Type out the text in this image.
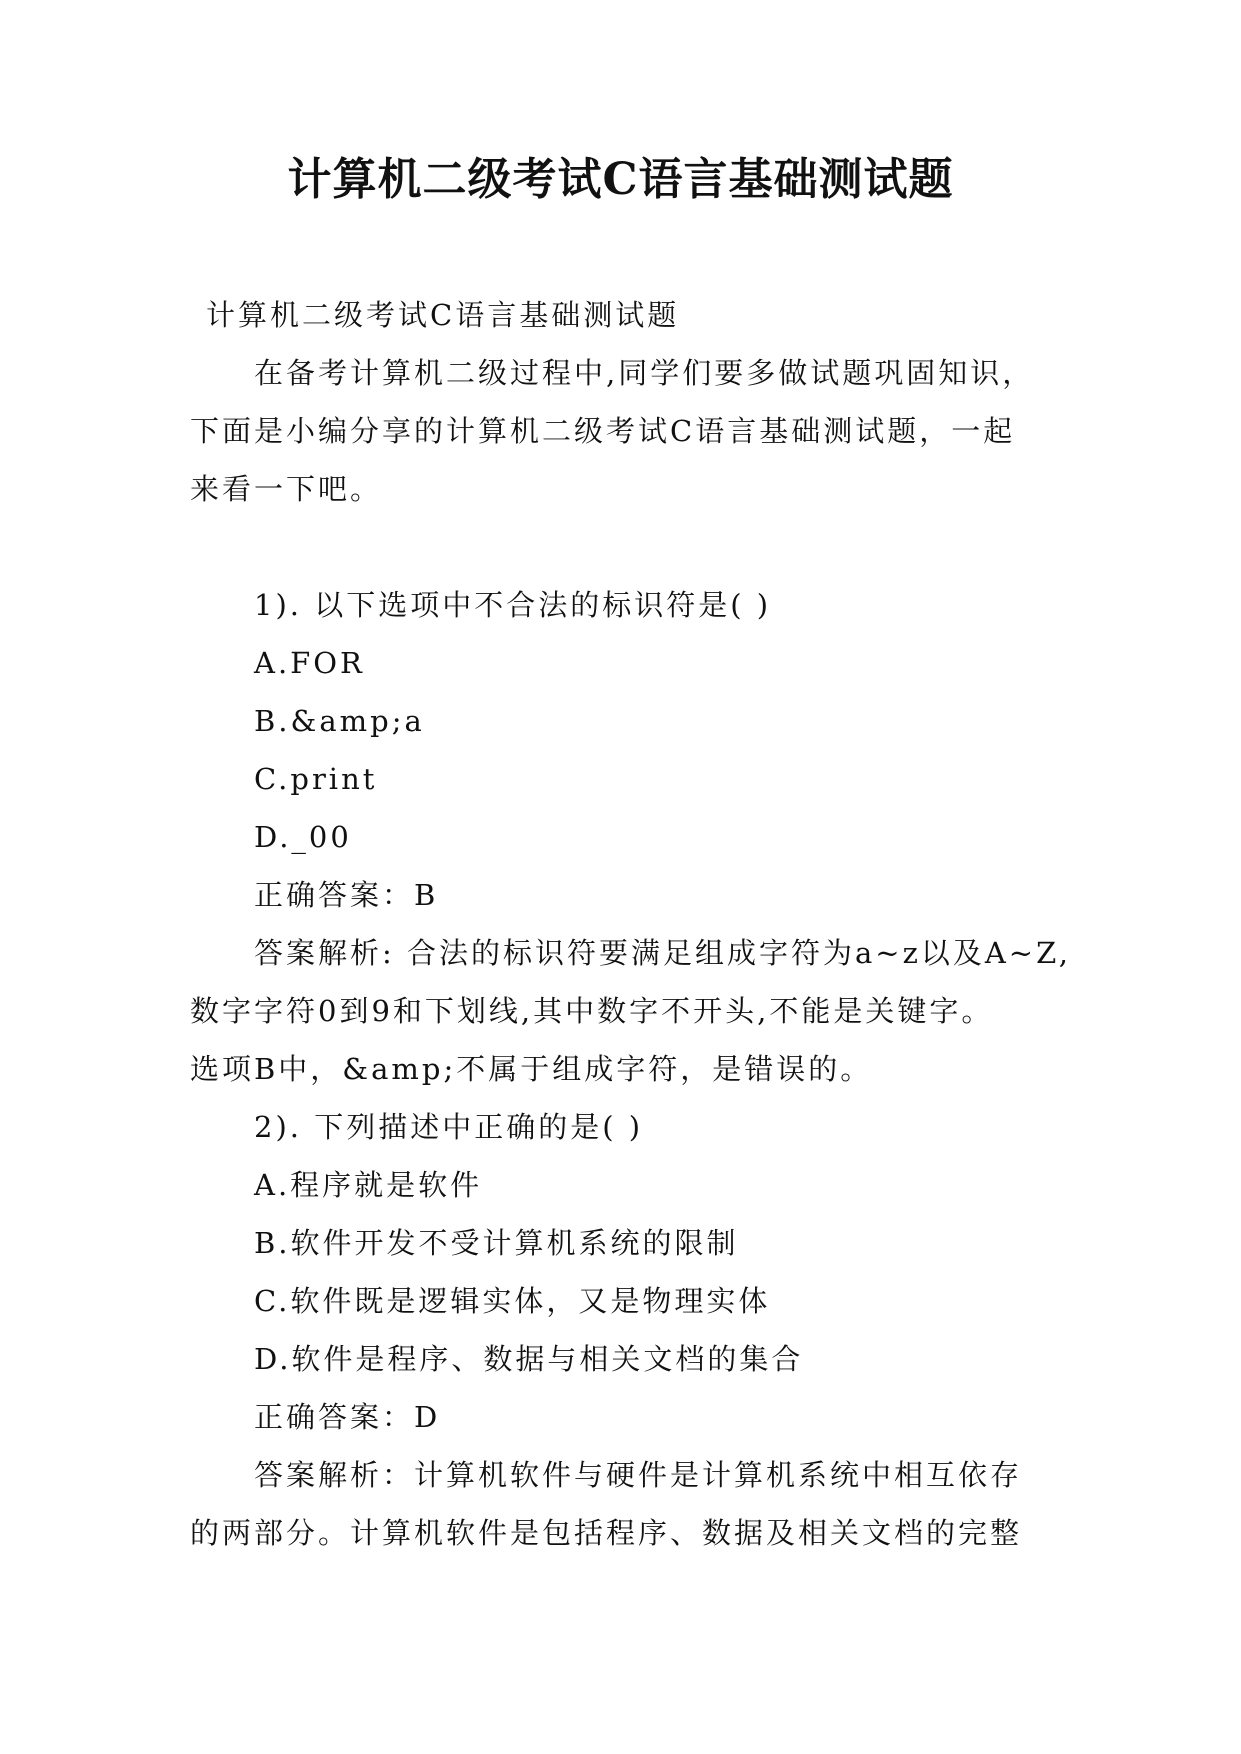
计算机二级考试C语言基础测试题
计算机二级考试C语言基础测试题
在备考计算机二级过程中,同学们要多做试题巩固知识，
下面是小编分享的计算机二级考试C语言基础测试题，一起
来看一下吧。
1). 以下选项中不合法的标识符是( )
A.FOR
B.&amp;a
C.print
D._00
正确答案：B
答案解析: 合法的标识符要满足组成字符为a~z以及A~Z,
数字字符0到9和下划线,其中数字不开头,不能是关键字。
选项B中，&amp;不属于组成字符，是错误的。
2). 下列描述中正确的是( )
A.程序就是软件
B.软件开发不受计算机系统的限制
C.软件既是逻辑实体，又是物理实体
D.软件是程序、数据与相关文档的集合
正确答案：D
答案解析：计算机软件与硬件是计算机系统中相互依存
的两部分。计算机软件是包括程序、数据及相关文档的完整
